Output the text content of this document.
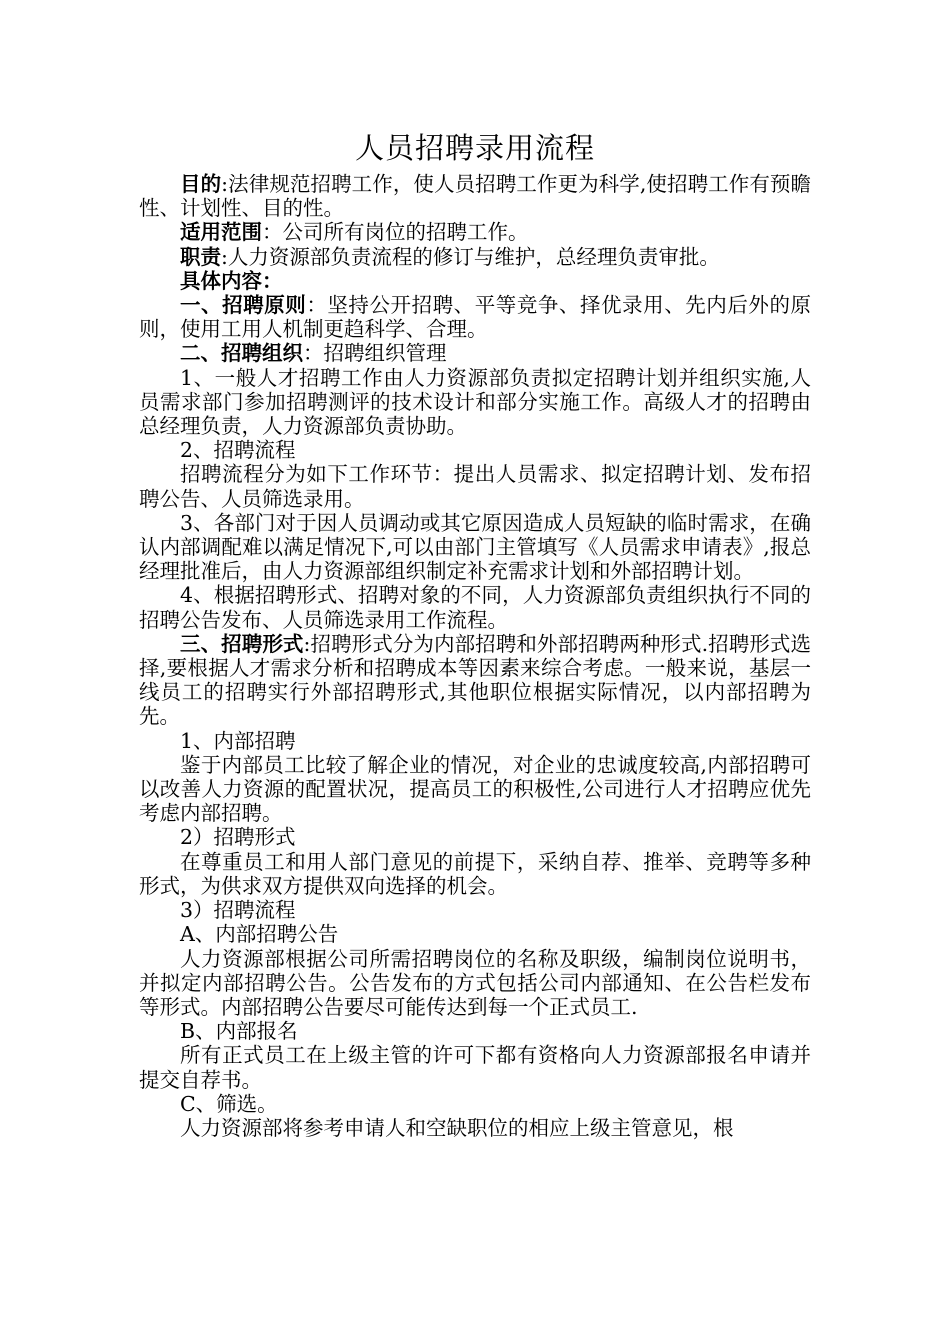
人员招聘录用流程

目的:法律规范招聘工作，使人员招聘工作更为科学,使招聘工作有预瞻性、计划性、目的性。

适用范围：公司所有岗位的招聘工作。

职责:人力资源部负责流程的修订与维护，总经理负责审批。

具体内容：

一、招聘原则：坚持公开招聘、平等竞争、择优录用、先内后外的原则，使用工用人机制更趋科学、合理。

二、招聘组织：招聘组织管理

1、一般人才招聘工作由人力资源部负责拟定招聘计划并组织实施,人员需求部门参加招聘测评的技术设计和部分实施工作。高级人才的招聘由总经理负责，人力资源部负责协助。

2、招聘流程

招聘流程分为如下工作环节：提出人员需求、拟定招聘计划、发布招聘公告、人员筛选录用。

3、各部门对于因人员调动或其它原因造成人员短缺的临时需求，在确认内部调配难以满足情况下,可以由部门主管填写《人员需求申请表》,报总经理批准后，由人力资源部组织制定补充需求计划和外部招聘计划。

4、根据招聘形式、招聘对象的不同，人力资源部负责组织执行不同的招聘公告发布、人员筛选录用工作流程。

三、招聘形式:招聘形式分为内部招聘和外部招聘两种形式.招聘形式选择,要根据人才需求分析和招聘成本等因素来综合考虑。一般来说，基层一线员工的招聘实行外部招聘形式,其他职位根据实际情况，以内部招聘为先。

1、内部招聘

鉴于内部员工比较了解企业的情况，对企业的忠诚度较高,内部招聘可以改善人力资源的配置状况，提高员工的积极性,公司进行人才招聘应优先考虑内部招聘。

2）招聘形式

在尊重员工和用人部门意见的前提下，采纳自荐、推举、竞聘等多种形式，为供求双方提供双向选择的机会。

3）招聘流程

A、内部招聘公告

人力资源部根据公司所需招聘岗位的名称及职级，编制岗位说明书，并拟定内部招聘公告。公告发布的方式包括公司内部通知、在公告栏发布等形式。内部招聘公告要尽可能传达到每一个正式员工.

B、内部报名

所有正式员工在上级主管的许可下都有资格向人力资源部报名申请并提交自荐书。

C、筛选。

人力资源部将参考申请人和空缺职位的相应上级主管意见，根
